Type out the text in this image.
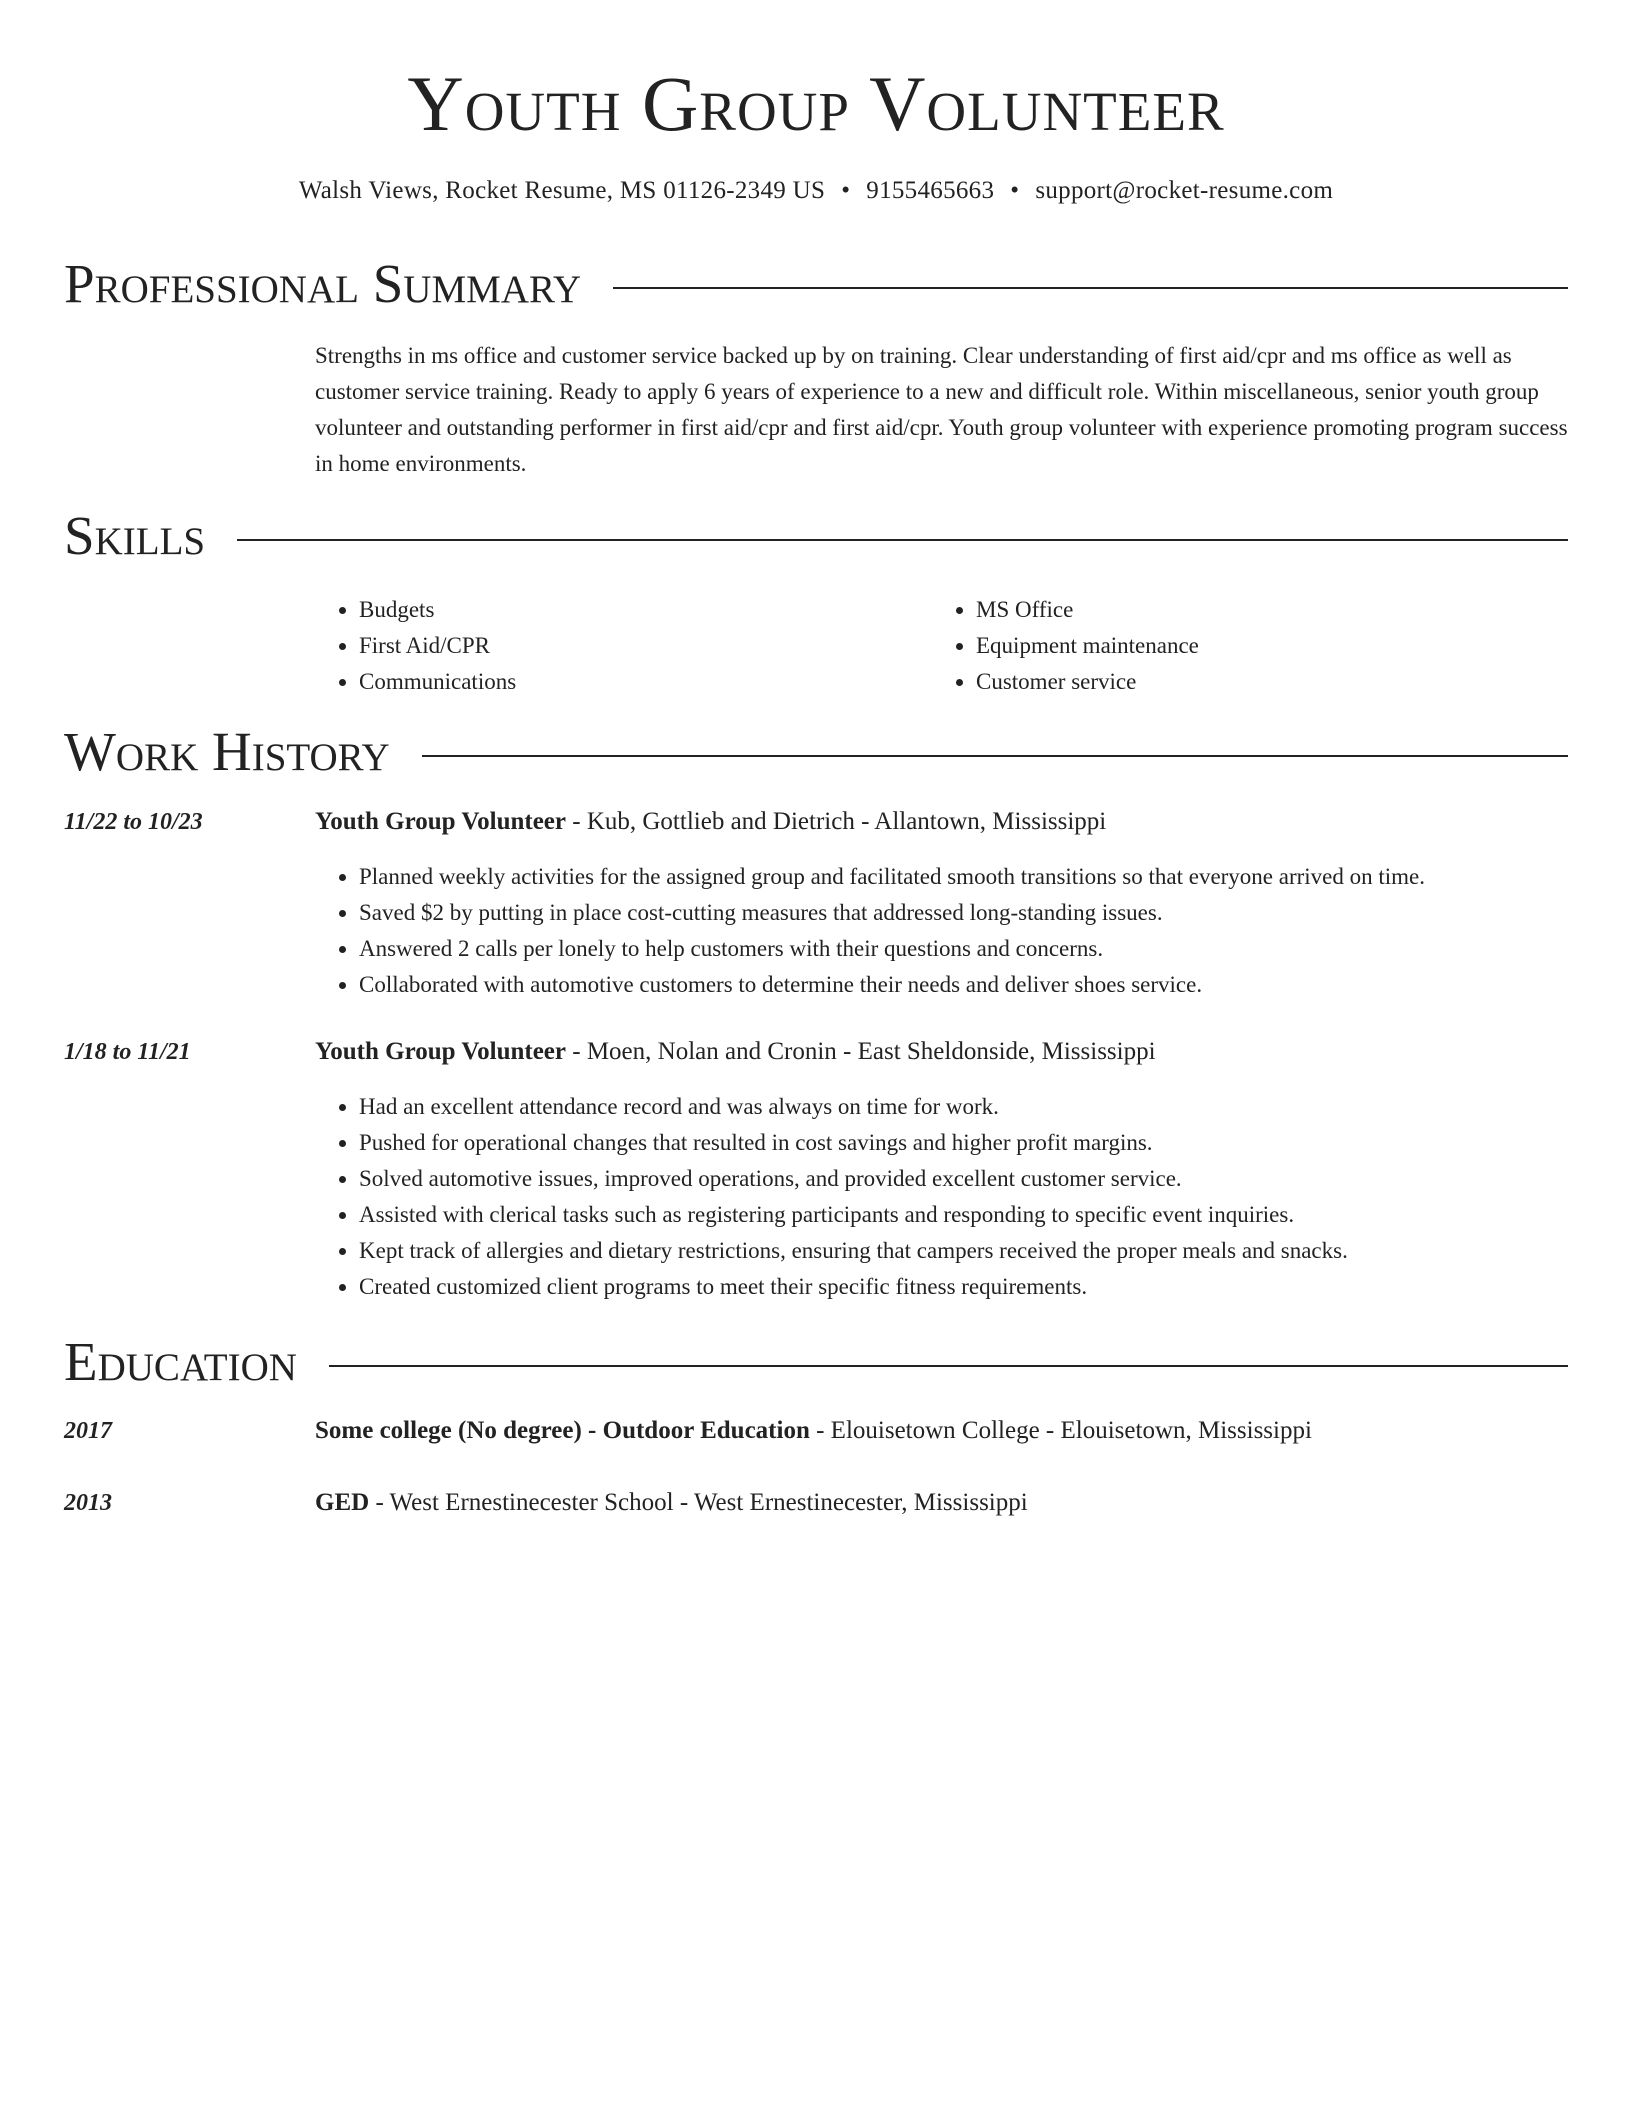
Youth Group Volunteer
Walsh Views, Rocket Resume, MS 01126-2349 US • 9155465663 • support@rocket-resume.com
Professional Summary
Strengths in ms office and customer service backed up by on training. Clear understanding of first aid/cpr and ms office as well as customer service training. Ready to apply 6 years of experience to a new and difficult role. Within miscellaneous, senior youth group volunteer and outstanding performer in first aid/cpr and first aid/cpr. Youth group volunteer with experience promoting program success in home environments.
Skills
• Budgets
• First Aid/CPR
• Communications
• MS Office
• Equipment maintenance
• Customer service
Work History
11/22 to 10/23	Youth Group Volunteer - Kub, Gottlieb and Dietrich - Allantown, Mississippi
• Planned weekly activities for the assigned group and facilitated smooth transitions so that everyone arrived on time.
• Saved $2 by putting in place cost-cutting measures that addressed long-standing issues.
• Answered 2 calls per lonely to help customers with their questions and concerns.
• Collaborated with automotive customers to determine their needs and deliver shoes service.
1/18 to 11/21	Youth Group Volunteer - Moen, Nolan and Cronin - East Sheldonside, Mississippi
• Had an excellent attendance record and was always on time for work.
• Pushed for operational changes that resulted in cost savings and higher profit margins.
• Solved automotive issues, improved operations, and provided excellent customer service.
• Assisted with clerical tasks such as registering participants and responding to specific event inquiries.
• Kept track of allergies and dietary restrictions, ensuring that campers received the proper meals and snacks.
• Created customized client programs to meet their specific fitness requirements.
Education
2017	Some college (No degree) - Outdoor Education - Elouisetown College - Elouisetown, Mississippi
2013	GED - West Ernestinecester School - West Ernestinecester, Mississippi
